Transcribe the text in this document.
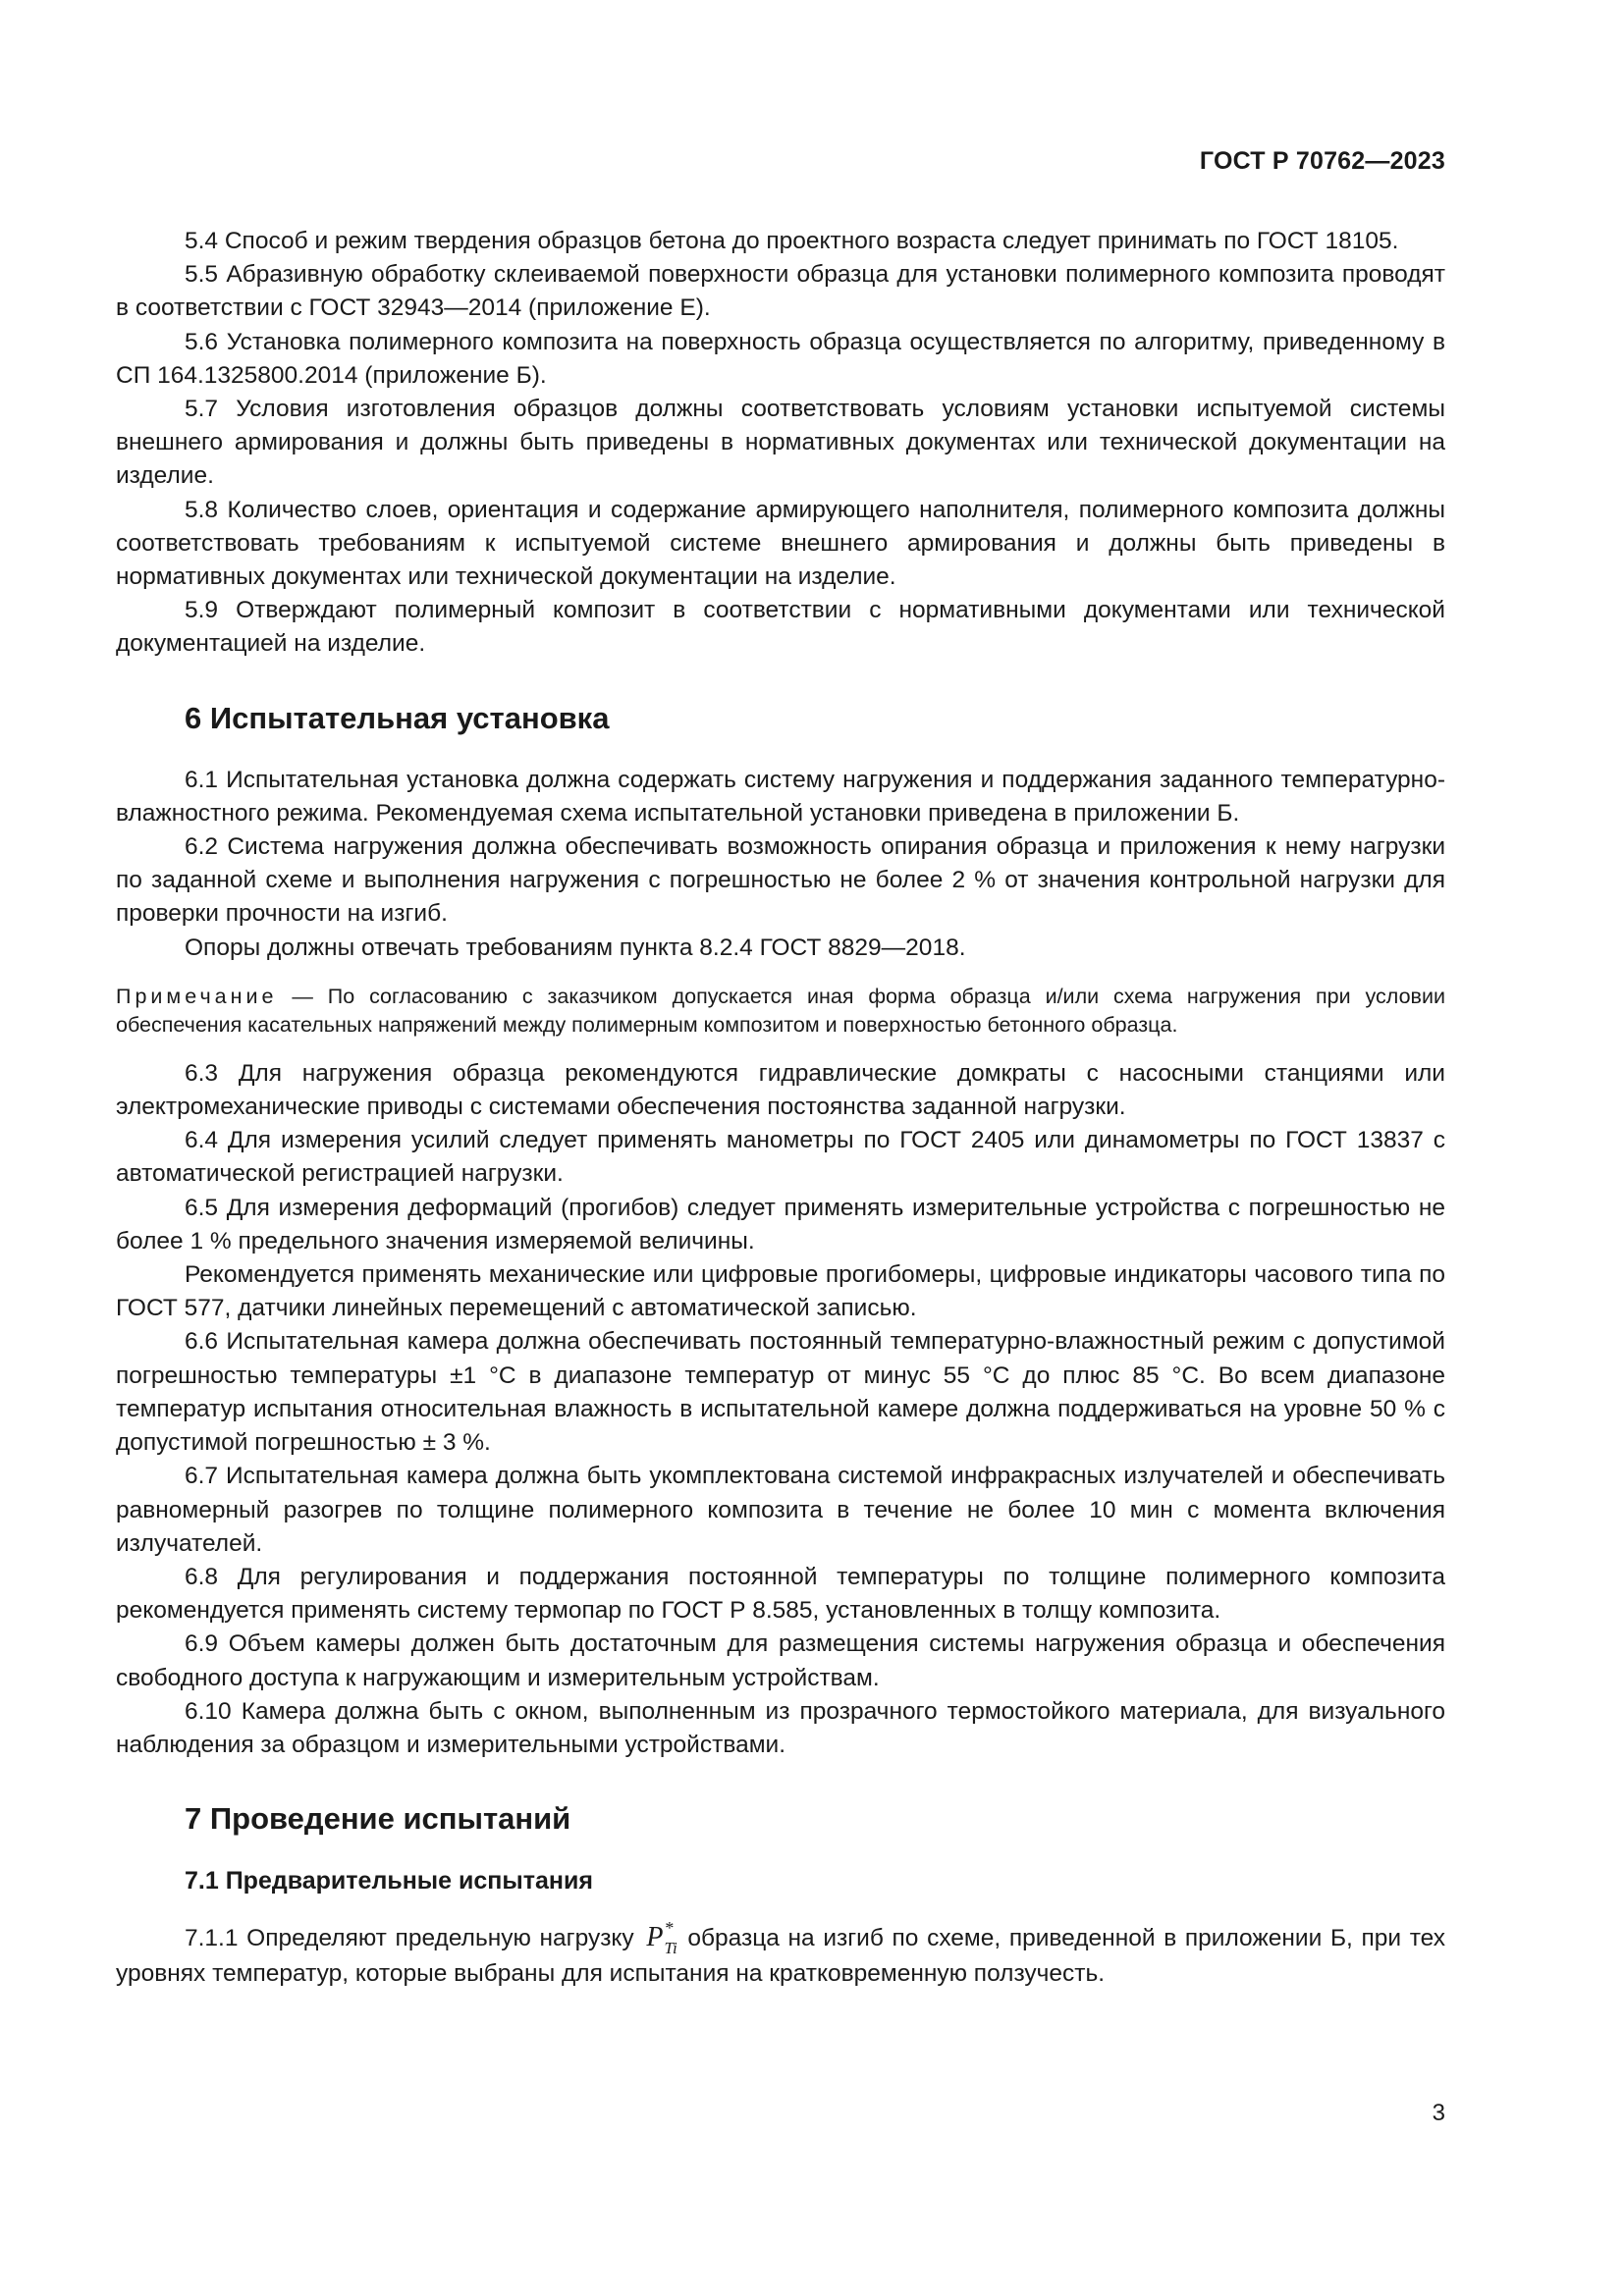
ГОСТ Р 70762—2023

5.4 Способ и режим твердения образцов бетона до проектного возраста следует принимать по ГОСТ 18105.

5.5 Абразивную обработку склеиваемой поверхности образца для установки полимерного композита проводят в соответствии с ГОСТ 32943—2014 (приложение Е).

5.6 Установка полимерного композита на поверхность образца осуществляется по алгоритму, приведенному в СП 164.1325800.2014 (приложение Б).

5.7 Условия изготовления образцов должны соответствовать условиям установки испытуемой системы внешнего армирования и должны быть приведены в нормативных документах или технической документации на изделие.

5.8 Количество слоев, ориентация и содержание армирующего наполнителя, полимерного композита должны соответствовать требованиям к испытуемой системе внешнего армирования и должны быть приведены в нормативных документах или технической документации на изделие.

5.9 Отверждают полимерный композит в соответствии с нормативными документами или технической документацией на изделие.

6 Испытательная установка

6.1 Испытательная установка должна содержать систему нагружения и поддержания заданного температурно-влажностного режима. Рекомендуемая схема испытательной установки приведена в приложении Б.

6.2 Система нагружения должна обеспечивать возможность опирания образца и приложения к нему нагрузки по заданной схеме и выполнения нагружения с погрешностью не более 2 % от значения контрольной нагрузки для проверки прочности на изгиб.

Опоры должны отвечать требованиям пункта 8.2.4 ГОСТ 8829—2018.

Примечание — По согласованию с заказчиком допускается иная форма образца и/или схема нагружения при условии обеспечения касательных напряжений между полимерным композитом и поверхностью бетонного образца.

6.3 Для нагружения образца рекомендуются гидравлические домкраты с насосными станциями или электромеханические приводы с системами обеспечения постоянства заданной нагрузки.

6.4 Для измерения усилий следует применять манометры по ГОСТ 2405 или динамометры по ГОСТ 13837 с автоматической регистрацией нагрузки.

6.5 Для измерения деформаций (прогибов) следует применять измерительные устройства с погрешностью не более 1 % предельного значения измеряемой величины.

Рекомендуется применять механические или цифровые прогибомеры, цифровые индикаторы часового типа по ГОСТ 577, датчики линейных перемещений с автоматической записью.

6.6 Испытательная камера должна обеспечивать постоянный температурно-влажностный режим с допустимой погрешностью температуры ±1 °С в диапазоне температур от минус 55 °С до плюс 85 °С. Во всем диапазоне температур испытания относительная влажность в испытательной камере должна поддерживаться на уровне 50 % с допустимой погрешностью ± 3 %.

6.7 Испытательная камера должна быть укомплектована системой инфракрасных излучателей и обеспечивать равномерный разогрев по толщине полимерного композита в течение не более 10 мин с момента включения излучателей.

6.8 Для регулирования и поддержания постоянной температуры по толщине полимерного композита рекомендуется применять систему термопар по ГОСТ Р 8.585, установленных в толщу композита.

6.9 Объем камеры должен быть достаточным для размещения системы нагружения образца и обеспечения свободного доступа к нагружающим и измерительным устройствам.

6.10 Камера должна быть с окном, выполненным из прозрачного термостойкого материала, для визуального наблюдения за образцом и измерительными устройствами.

7 Проведение испытаний
7.1 Предварительные испытания

7.1.1 Определяют предельную нагрузку P *
$_{Ti}$ образца на изгиб по схеме, приведенной в приложении Б, при тех уровнях температур, которые выбраны для испытания на кратковременную ползучесть.

3
